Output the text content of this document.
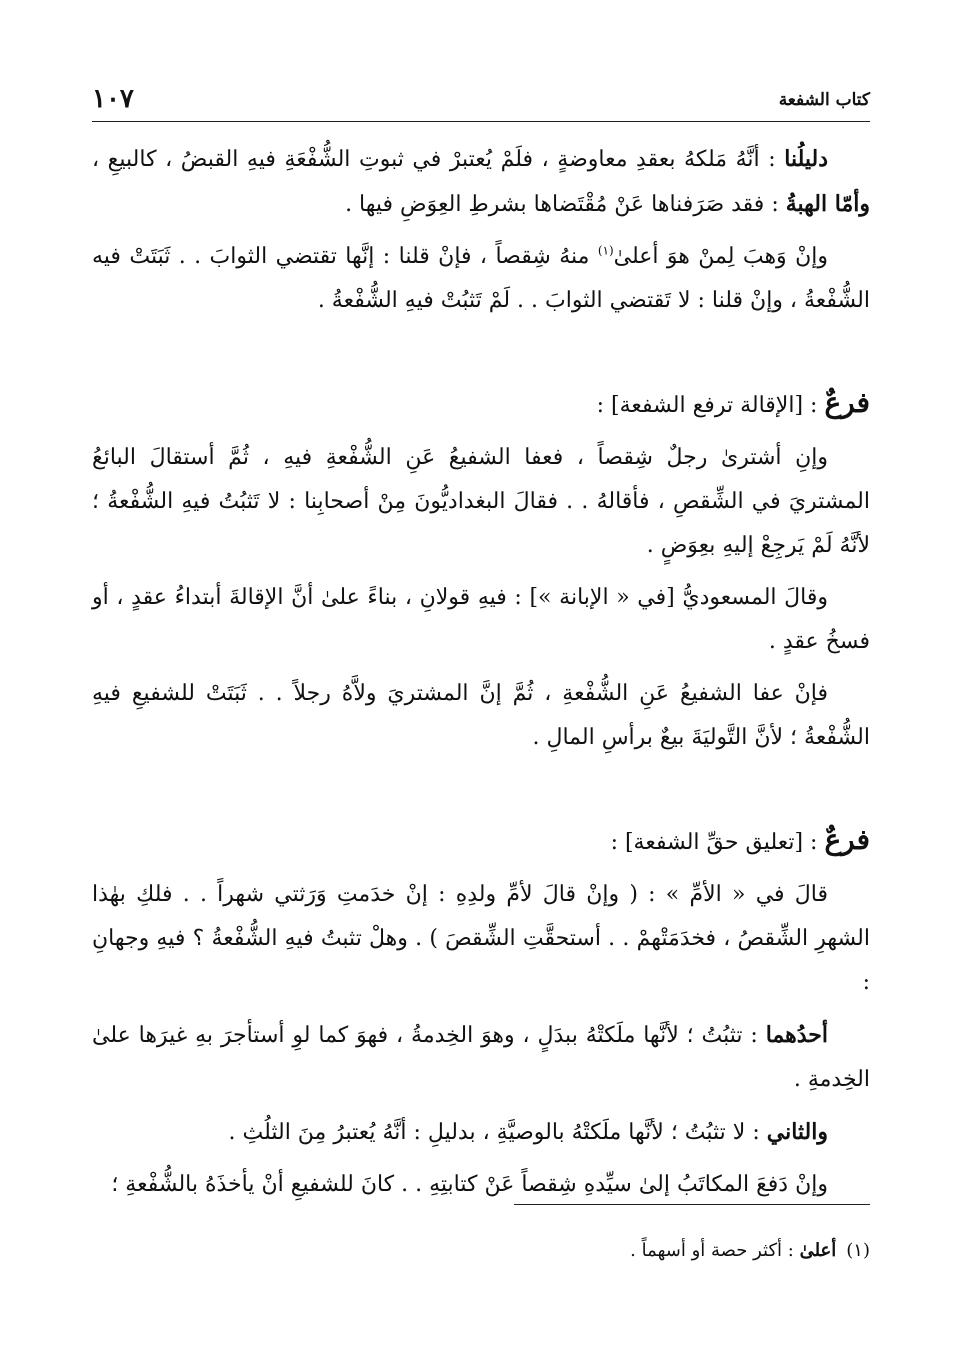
كتاب الشفعة
١٠٧

دليلُنا : أنَّهُ مَلكهُ بعقدِ معاوضةٍ ، فلَمْ يُعتبرْ في ثبوتِ الشُّفْعَةِ فيهِ القبضُ ، كالبيعِ ، وأمّا الهبةُ : فقد صَرَفناها عَنْ مُقْتَضاها بشرطِ العِوَضِ فيها .

وإنْ وَهبَ لِمنْ هوَ أعلىٰ$^{(١)}$ منهُ شِقصاً ، فإنْ قلنا : إنَّها تقتضي الثوابَ . . ثَبَتَتْ فيه الشُّفْعةُ ، وإنْ قلنا : لا تَقتضي الثوابَ . . لَمْ تَثبُتْ فيهِ الشُّفْعةُ .

فرعٌ : [الإقالة ترفع الشفعة] :

وإنِ أشترىٰ رجلٌ شِقصاً ، فعفا الشفيعُ عَنِ الشُّفْعةِ فيهِ ، ثُمَّ أستقالَ البائعُ المشتريَ في الشِّقصِ ، فأقالهُ . . فقالَ البغداديُّونَ مِنْ أصحابِنا : لا تَثبُتُ فيهِ الشُّفْعةُ ؛ لأنَّهُ لَمْ يَرجِعْ إليهِ بعِوَضٍ .

وقالَ المسعوديُّ [في « الإبانة »] : فيهِ قولانِ ، بناءً علىٰ أنَّ الإقالةَ أبتداءُ عقدٍ ، أو فسخُ عقدٍ .

فإنْ عفا الشفيعُ عَنِ الشُّفْعةِ ، ثُمَّ إنَّ المشتريَ ولاَّهُ رجلاً . . ثَبَتَتْ للشفيعِ فيهِ الشُّفْعةُ ؛ لأنَّ التَّوليَةَ بيعٌ برأسِ المالِ .

فرعٌ : [تعليق حقِّ الشفعة] :

قالَ في « الأمِّ » : ( وإنْ قالَ لأمِّ ولدِهِ : إنْ خدَمتِ وَرَثتي شهراً . . فلكِ بهٰذا الشهرِ الشِّقصُ ، فخدَمَتْهمْ . . أستحقَّتِ الشِّقصَ ) . وهلْ تثبتُ فيهِ الشُّفْعةُ ؟ فيهِ وجهانِ :

أحدُهما : تثبُتُ ؛ لأنَّها ملَكتْهُ ببدَلٍ ، وهوَ الخِدمةُ ، فهوَ كما لوِ أستأجرَ بهِ غيرَها علىٰ الخِدمةِ .

والثاني : لا تثبُتُ ؛ لأنَّها ملَكتْهُ بالوصيَّةِ ، بدليلِ : أنَّهُ يُعتبرُ مِنَ الثلُثِ .

وإنْ دَفعَ المكاتَبُ إلىٰ سيِّدهِ شِقصاً عَنْ كتابتِهِ . . كانَ للشفيعِ أنْ يأخذَهُ بالشُّفْعةِ ؛

(١)أعلىٰ : أكثر حصة أو أسهماً .
